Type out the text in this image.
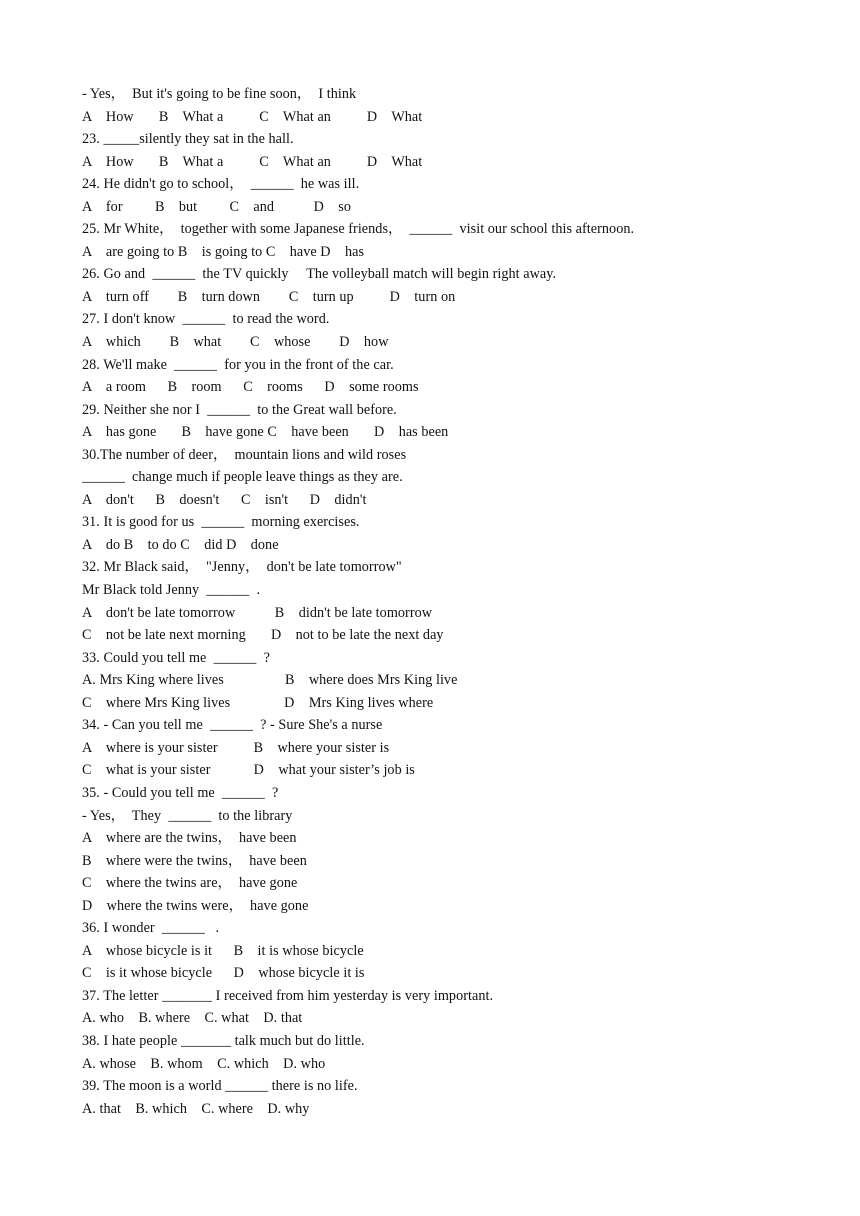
- Yes，  But it's going to be fine soon，  I think
A    How       B    What a          C    What an          D    What
23. _____silently they sat in the hall.
A    How       B    What a          C    What an          D    What
24. He didn't go to school，  ______  he was ill.
A    for         B    but         C    and           D    so
25. Mr White，  together with some Japanese friends，  ______  visit our school this afternoon.
A    are going to B    is going to C    have D    has
26. Go and  ______  the TV quickly     The volleyball match will begin right away.
A    turn off        B    turn down        C    turn up          D    turn on
27. I don't know  ______  to read the word.
A    which        B    what        C    whose        D    how
28. We'll make  ______  for you in the front of the car.
A    a room      B    room      C    rooms      D    some rooms
29. Neither she nor I  ______  to the Great wall before.
A    has gone       B    have gone C    have been       D    has been
30.The number of deer，  mountain lions and wild roses
______  change much if people leave things as they are.
A    don't      B    doesn't      C    isn't      D    didn't
31. It is good for us  ______  morning exercises.
A    do B    to do C    did D    done
32. Mr Black said，  "Jenny，  don't be late tomorrow"
Mr Black told Jenny  ______  .
A    don't be late tomorrow           B    didn't be late tomorrow
C    not be late next morning       D    not to be late the next day
33. Could you tell me  ______  ?
A. Mrs King where lives                 B    where does Mrs King live
C    where Mrs King lives               D    Mrs King lives where
34. - Can you tell me  ______  ? - Sure She's a nurse
A    where is your sister          B    where your sister is
C    what is your sister            D    what your sister’s job is
35. - Could you tell me  ______  ?
- Yes，  They  ______  to the library
A    where are the twins，  have been
B    where were the twins，  have been
C    where the twins are，  have gone
D    where the twins were，  have gone
36. I wonder  ______   .
A    whose bicycle is it      B    it is whose bicycle
C    is it whose bicycle      D    whose bicycle it is
37. The letter _______ I received from him yesterday is very important.
A. who    B. where    C. what    D. that
38. I hate people _______ talk much but do little.
A. whose    B. whom    C. which    D. who
39. The moon is a world ______ there is no life.
A. that    B. which    C. where    D. why
